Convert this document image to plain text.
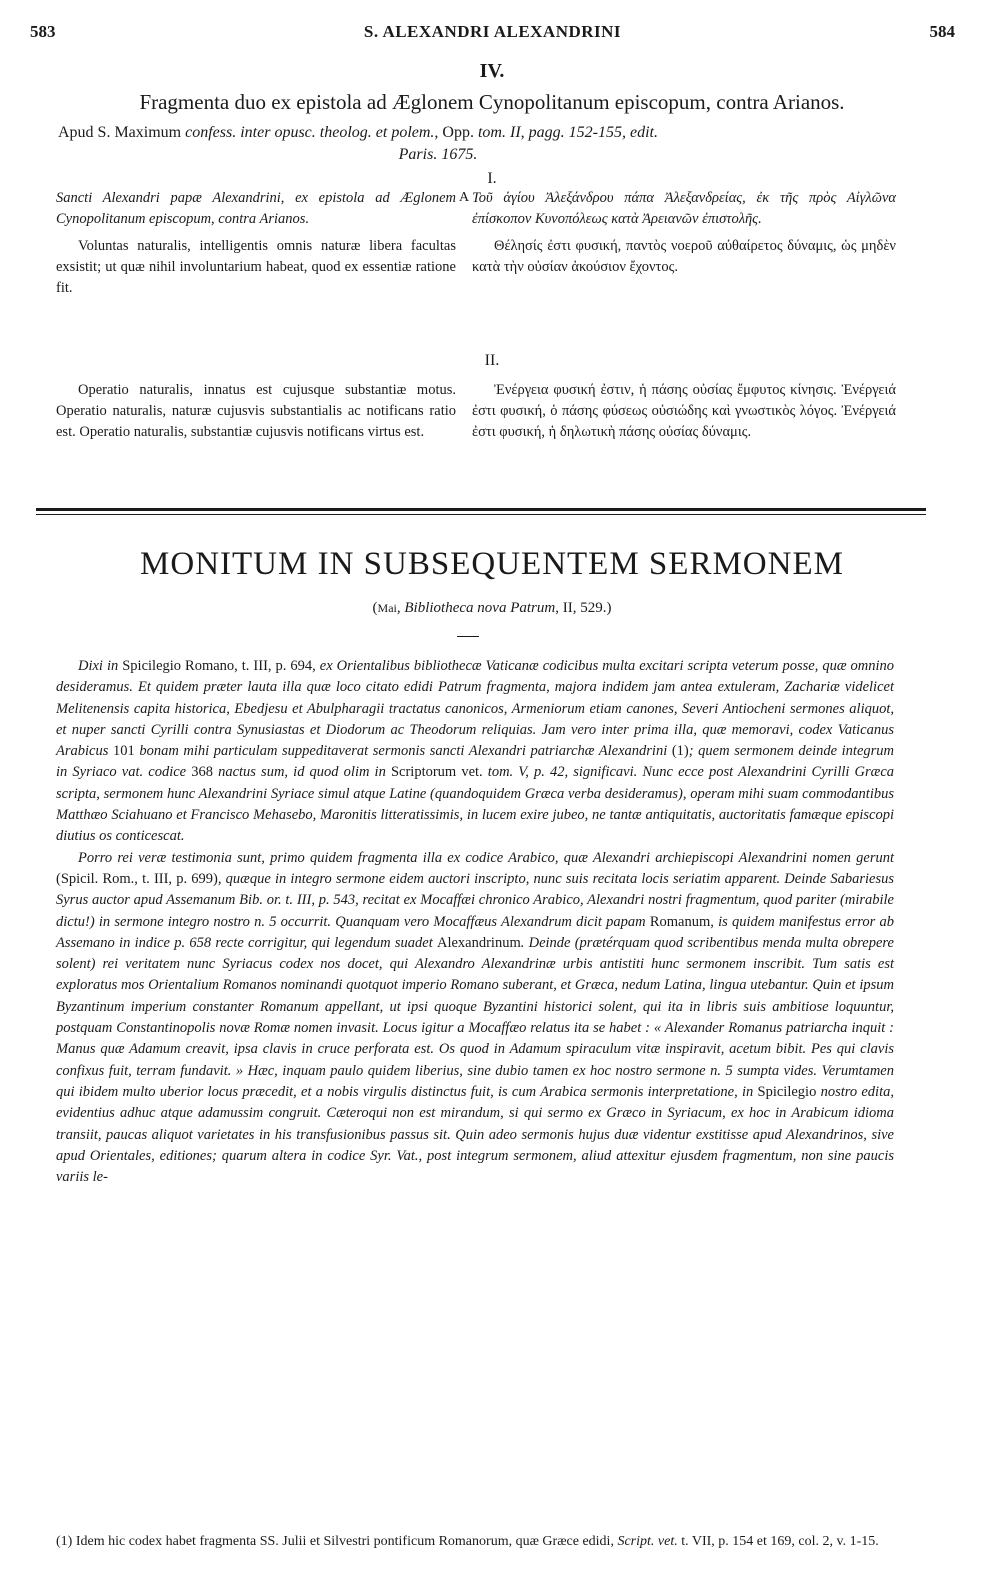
583	S. ALEXANDRI ALEXANDRINI	584
IV.
Fragmenta duo ex epistola ad Æglonem Cynopolitanum episcopum, contra Arianos.
Apud S. Maximum confess. inter opusc. theolog. et polem., Opp. tom. II, pagg. 152-155, edit.
Paris. 1675.
I.
A

Sancti Alexandri papæ Alexandrini, ex epistola ad Æglonem Cynopolitanum episcopum, contra Arianos.

Voluntas naturalis, intelligentis omnis naturæ libera facultas exsistit; ut quæ nihil involuntarium habeat, quod ex essentiæ ratione fit.

Τοῦ ἁγίου Ἀλεξάνδρου πάπα Ἀλεξανδρείας, ἐκ τῆς πρὸς Αἰγλῶνα ἐπίσκοπον Κυνοπόλεως κατὰ Ἀρειανῶν ἐπιστολῆς.

Θέλησίς ἐστι φυσική, παντὸς νοεροῦ αὐθαίρετος δύναμις, ὡς μηδὲν κατὰ τὴν οὐσίαν ἀκούσιον ἔχοντος.

II.

Operatio naturalis, innatus est cujusque substantiæ motus. Operatio naturalis, naturæ cujusvis substantialis ac notificans ratio est. Operatio naturalis, substantiæ cujusvis notificans virtus est.

Ἐνέργεια φυσική ἐστιν, ἡ πάσης οὐσίας ἔμφυτος κίνησις. Ἐνέργειά ἐστι φυσική, ὁ πάσης φύσεως οὐσιώδης καὶ γνωστικὸς λόγος. Ἐνέργειά ἐστι φυσική, ἡ δηλωτικὴ πάσης οὐσίας δύναμις.

MONITUM IN SUBSEQUENTEM SERMONEM
(Mai, Bibliotheca nova Patrum, II, 529.)

Dixi in Spicilegio Romano, t. III, p. 694, ex Orientalibus bibliothecæ Vaticanæ codicibus multa excitari scripta veterum posse, quæ omnino desideramus. Et quidem præter lauta illa quæ loco citato edidi Patrum fragmenta, majora indidem jam antea extuleram, Zachariæ videlicet Melitenensis capita historica, Ebedjesu et Abulpharagii tractatus canonicos, Armeniorum etiam canones, Severi Antiocheni sermones aliquot, et nuper sancti Cyrilli contra Synusiastas et Diodorum ac Theodorum reliquias. Jam vero inter prima illa, quæ memoravi, codex Vaticanus Arabicus 101 bonam mihi particulam suppeditaverat sermonis sancti Alexandri patriarchæ Alexandrini (1); quem sermonem deinde integrum in Syriaco vat. codice 368 nactus sum, id quod olim in Scriptorum vet. tom. V, p. 42, significavi. Nunc ecce post Alexandrini Cyrilli Græca scripta, sermonem hunc Alexandrini Syriace simul atque Latine (quandoquidem Græca verba desideramus), operam mihi suam commodantibus Matthæo Sciahuano et Francisco Mehasebo, Maronitis litteratissimis, in lucem exire jubeo, ne tantæ antiquitatis, auctoritatis famæque episcopi diutius os conticescat.

Porro rei veræ testimonia sunt, primo quidem fragmenta illa ex codice Arabico, quæ Alexandri archiepiscopi Alexandrini nomen gerunt (Spicil. Rom., t. III, p. 699), quæque in integro sermone eidem auctori inscripto, nunc suis recitata locis seriatim apparent. Deinde Sabariesus Syrus auctor apud Assemanum Bib. or. t. III, p. 543, recitat ex Mocaffæi chronico Arabico, Alexandri nostri fragmentum, quod pariter (mirabile dictu!) in sermone integro nostro n. 5 occurrit. Quanquam vero Mocaffæus Alexandrum dicit papam Romanum, is quidem manifestus error ab Assemano in indice p. 658 recte corrigitur, qui legendum suadet Alexandrinum. Deinde (prætérquam quod scribentibus menda multa obrepere solent) rei veritatem nunc Syriacus codex nos docet, qui Alexandro Alexandrinæ urbis antistiti hunc sermonem inscribit. Tum satis est exploratus mos Orientalium Romanos nominandi quotquot imperio Romano suberant, et Græca, nedum Latina, lingua utebantur. Quin et ipsum Byzantinum imperium constanter Romanum appellant, ut ipsi quoque Byzantini historici solent, qui ita in libris suis ambitiose loquuntur, postquam Constantinopolis novæ Romæ nomen invasit. Locus igitur a Mocaffæo relatus ita se habet : « Alexander Romanus patriarcha inquit : Manus quæ Adamum creavit, ipsa clavis in cruce perforata est. Os quod in Adamum spiraculum vitæ inspiravit, acetum bibit. Pes qui clavis confixus fuit, terram fundavit. » Hæc, inquam paulo quidem liberius, sine dubio tamen ex hoc nostro sermone n. 5 sumpta vides. Verumtamen qui ibidem multo uberior locus præcedit, et a nobis virgulis distinctus fuit, is cum Arabica sermonis interpretatione, in Spicilegio nostro edita, evidentius adhuc atque adamussim congruit. Cæteroqui non est mirandum, si qui sermo ex Græco in Syriacum, ex hoc in Arabicum idioma transiit, paucas aliquot varietates in his transfusionibus passus sit. Quin adeo sermonis hujus duæ videntur exstitisse apud Alexandrinos, sive apud Orientales, editiones; quarum altera in codice Syr. Vat., post integrum sermonem, aliud attexitur ejusdem fragmentum, non sine paucis variis le-

(1) Idem hic codex habet fragmenta SS. Julii et Silvestri pontificum Romanorum, quæ Græce edidi, Script. vet. t. VII, p. 154 et 169, col. 2, v. 1-15.
